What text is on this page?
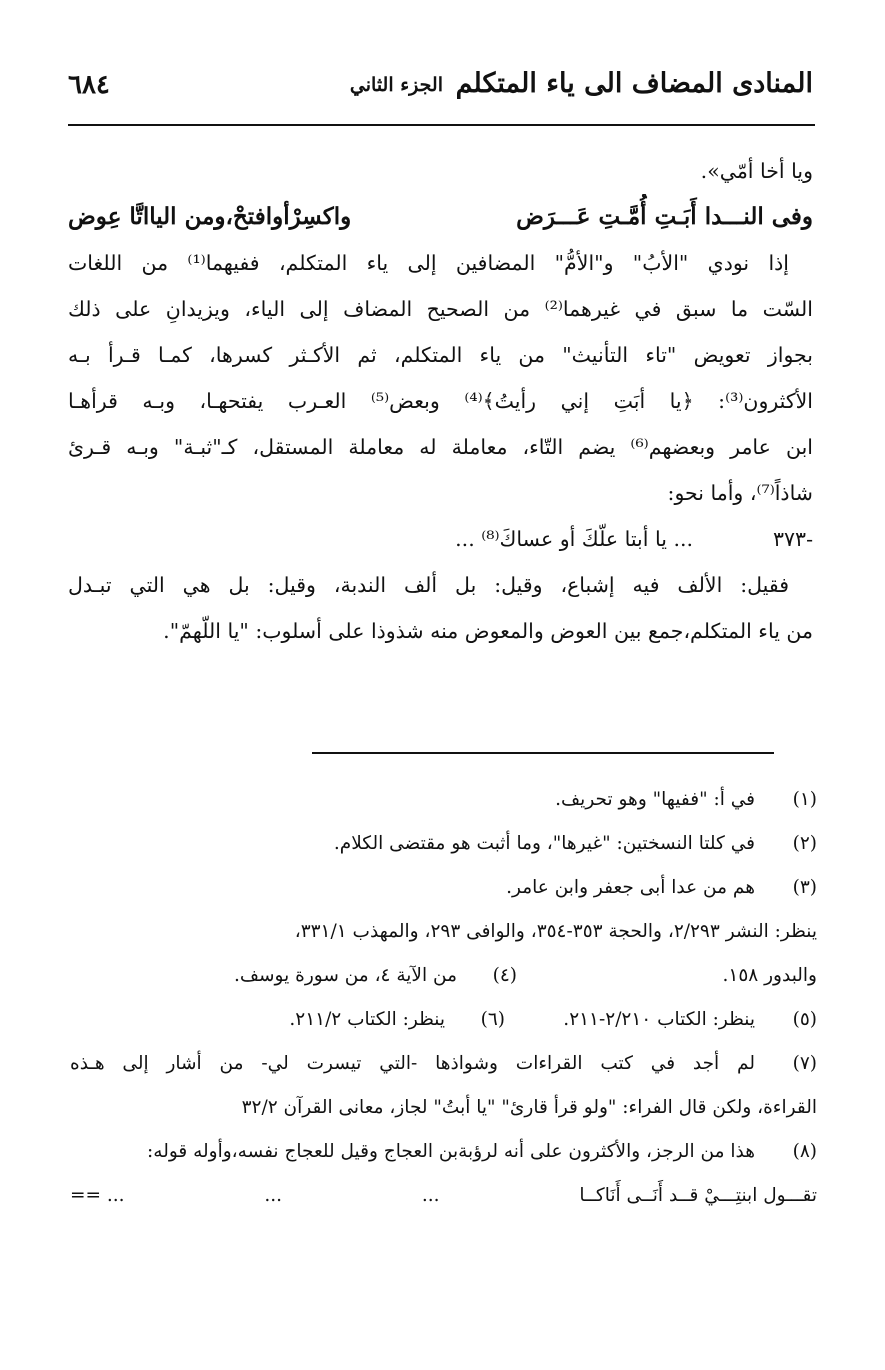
المنادى المضاف الى ياء المتكلم
الجزء الثاني
٦٨٤
ويا أخا أمّي».
وفى النـــدا أَبَـتِ أُمَّـتِ عَـــرَض
واكسِرْأوافتحْ،ومن اليااتَّا عِوض
إذا نودي "الأبُ" و"الأمُّ" المضافين إلى ياء المتكلم، ففيهما⁽¹⁾ من اللغات
السّت ما سبق في غيرهما⁽²⁾ من الصحيح المضاف إلى الياء، ويزيدانِ على ذلك
بجواز تعويض "تاء التأنيث" من ياء المتكلم، ثم الأكـثر كسرها، كمـا قـرأ بـه
الأكثرون⁽³⁾: ﴿يا أبَتِ إني رأيتُ﴾⁽⁴⁾ وبعض⁽⁵⁾ العـرب يفتحهـا، وبـه قرأهـا
ابن عامر وبعضهم⁽⁶⁾ يضم التّاء، معاملة له معاملة المستقل، كـ"ثبـة" وبـه قـرئ
شاذاً⁽⁷⁾، وأما نحو:
-٣٧٣
... يا أبتا علّكَ أو عساكَ⁽⁸⁾ ...
فقيل: الألف فيه إشباع، وقيل: بل ألف الندبة، وقيل: بل هي التي تبـدل
من ياء المتكلم،جمع بين العوض والمعوض منه شذوذا على أسلوب: "يا اللّهمّ".
(١)
في أ: "ففيها" وهو تحريف.
(٢)
في كلتا النسختين: "غيرها"، وما أثبت هو مقتضى الكلام.
(٣)
هم من عدا أبى جعفر وابن عامر.
ينظر: النشر ٢/٢٩٣، والحجة ٣٥٣-٣٥٤، والوافى ٢٩٣، والمهذب ٣٣١/١،
والبدور ١٥٨.
(٤)
من الآية ٤، من سورة يوسف.
(٥)
ينظر: الكتاب ٢/٢١٠-٢١١.
(٦)
ينظر: الكتاب ٢١١/٢.
(٧)
لم أجد في كتب القراءات وشواذها -التي تيسرت لي- من أشار إلى هـذه
القراءة، ولكن قال الفراء: "ولو قرأ قارئ" "يا أبتُ" لجاز، معانى القرآن ٣٢/٢
(٨)
هذا من الرجز، والأكثرون على أنه لرؤبةبن العجاج وقيل للعجاج نفسه،وأوله قوله:
تقـــول ابنتِـــيْ قــد أَنَــى أَنَاكــا
...
...
... ==
